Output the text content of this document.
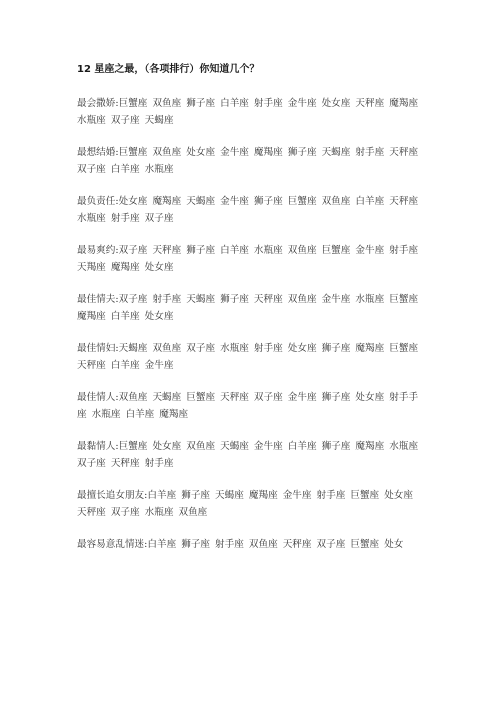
12 星座之最，（各项排行）你知道几个？

最会撒娇:巨蟹座 双鱼座 狮子座 白羊座 射手座 金牛座 处女座 天秤座 魔羯座 水瓶座 双子座 天蝎座

最想结婚:巨蟹座 双鱼座 处女座 金牛座 魔羯座 狮子座 天蝎座 射手座 天秤座 双子座 白羊座 水瓶座

最负责任:处女座 魔羯座 天蝎座 金牛座 狮子座 巨蟹座 双鱼座 白羊座 天秤座 水瓶座 射手座 双子座

最易爽约:双子座 天秤座 狮子座 白羊座 水瓶座 双鱼座 巨蟹座 金牛座 射手座 天羯座 魔羯座 处女座

最佳情夫:双子座 射手座 天蝎座 狮子座 天秤座 双鱼座 金牛座 水瓶座 巨蟹座 魔羯座 白羊座 处女座

最佳情妇:天蝎座 双鱼座 双子座 水瓶座 射手座 处女座 狮子座 魔羯座 巨蟹座 天秤座 白羊座 金牛座

最佳情人:双鱼座 天蝎座 巨蟹座 天秤座 双子座 金牛座 狮子座 处女座 射手手座 水瓶座 白羊座 魔羯座

最黏情人:巨蟹座 处女座 双鱼座 天蝎座 金牛座 白羊座 狮子座 魔羯座 水瓶座 双子座 天秤座 射手座

最擅长追女朋友:白羊座 狮子座 天蝎座 魔羯座 金牛座 射手座 巨蟹座 处女座 天秤座 双子座 水瓶座 双鱼座

最容易意乱情迷:白羊座 狮子座 射手座 双鱼座 天秤座 双子座 巨蟹座 处女
